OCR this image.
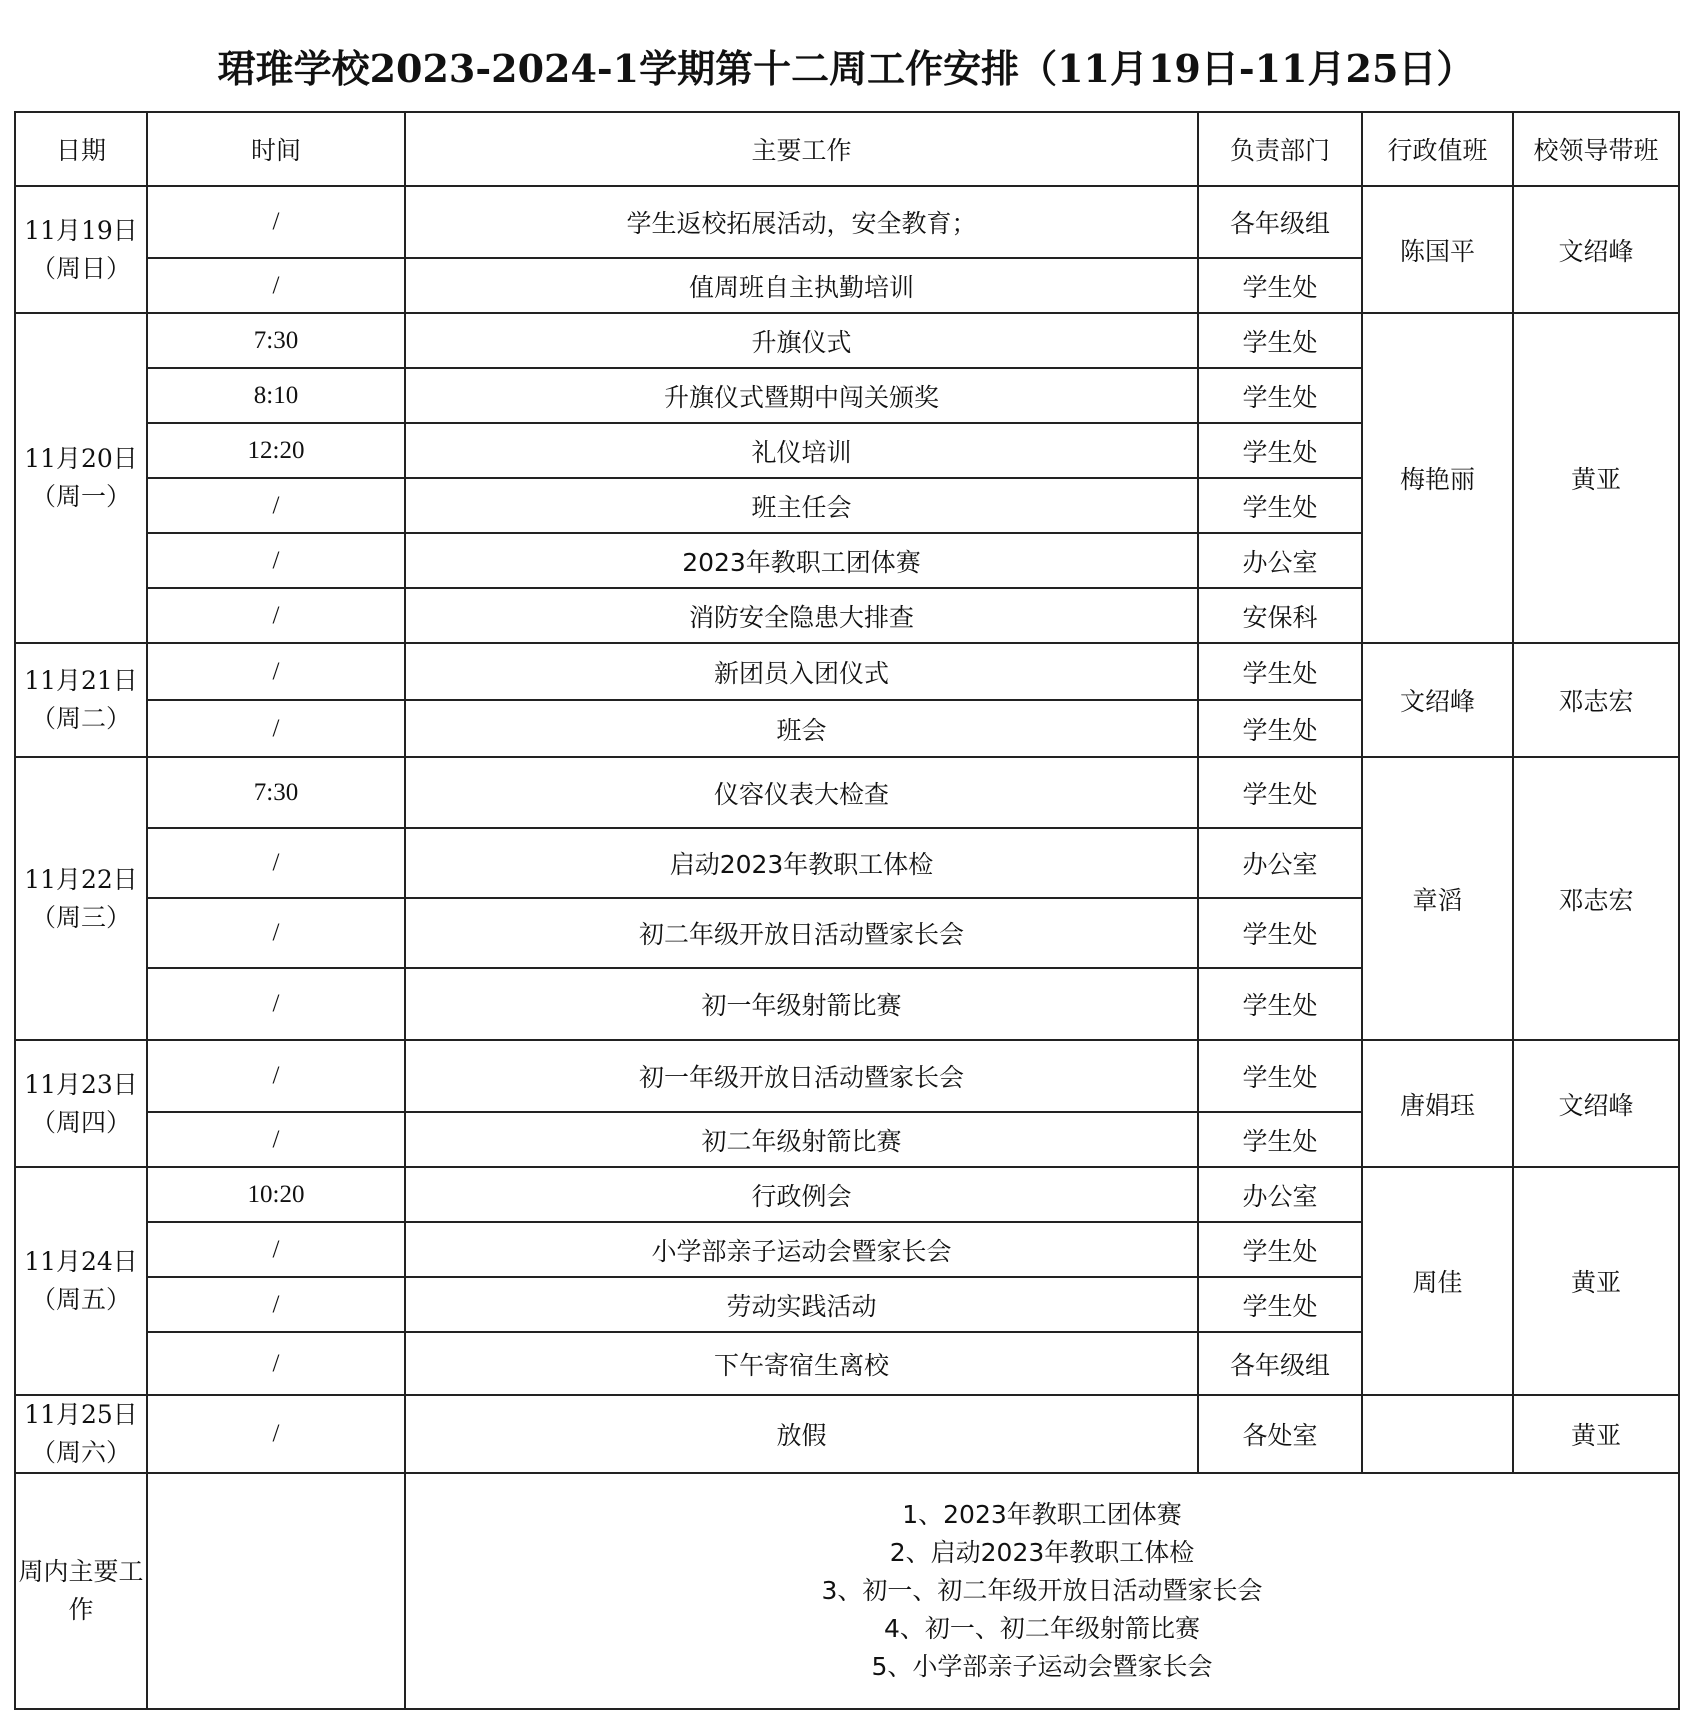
珺琟学校2023-2024-1学期第十二周工作安排（11月19日-11月25日）
日期	时间	主要工作	负责部门	行政值班	校领导带班

11月19日
（周日）	/	学生返校拓展活动，安全教育；	各年级组	陈国平	文绍峰
	/	值周班自主执勤培训	学生处		

11月20日
（周一）	7:30	升旗仪式	学生处	梅艳丽	黄亚
	8:10	升旗仪式暨期中闯关颁奖	学生处		
	12:20	礼仪培训	学生处		
	/	班主任会	学生处		
	/	2023年教职工团体赛	办公室		
	/	消防安全隐患大排查	安保科		

11月21日
（周二）	/	新团员入团仪式	学生处	文绍峰	邓志宏
	/	班会	学生处		

11月22日
（周三）	7:30	仪容仪表大检查	学生处	章滔	邓志宏
	/	启动2023年教职工体检	办公室		
	/	初二年级开放日活动暨家长会	学生处		
	/	初一年级射箭比赛	学生处		

11月23日
（周四）	/	初一年级开放日活动暨家长会	学生处	唐娟珏	文绍峰
	/	初二年级射箭比赛	学生处		

11月24日
（周五）	10:20	行政例会	办公室	周佳	黄亚
	/	小学部亲子运动会暨家长会	学生处		
	/	劳动实践活动	学生处		
	/	下午寄宿生离校	各年级组		

11月25日
（周六）	/	放假	各处室		黄亚

周内主要工
作		1、2023年教职工团体赛
2、启动2023年教职工体检
3、初一、初二年级开放日活动暨家长会
4、初一、初二年级射箭比赛
5、小学部亲子运动会暨家长会			
